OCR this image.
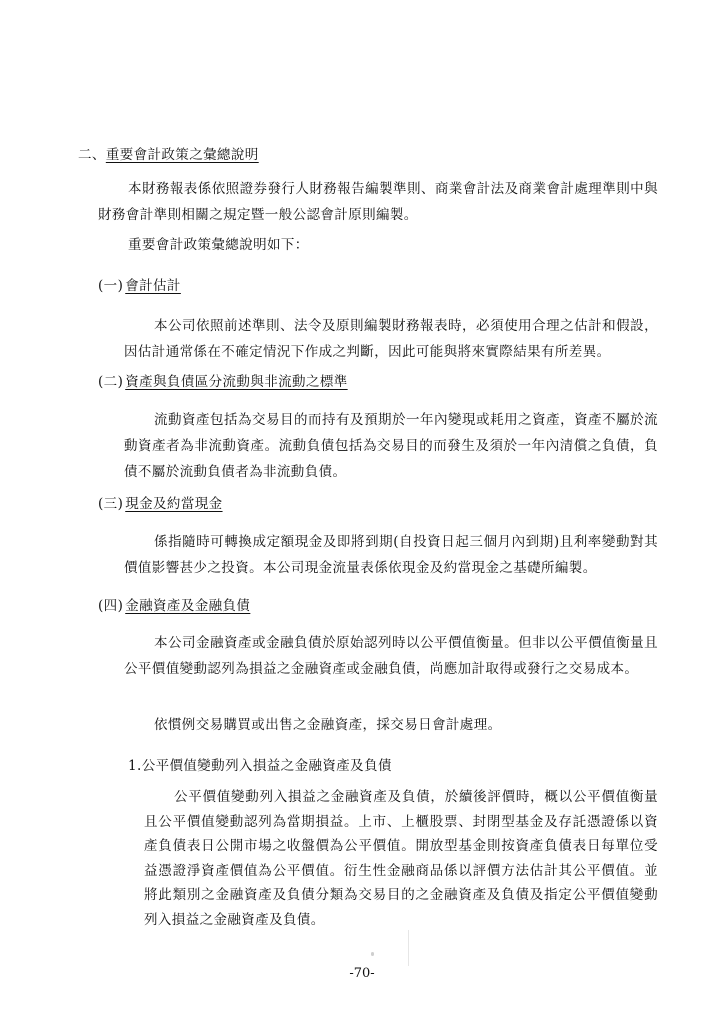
二、重要會計政策之彙總說明
本財務報表係依照證券發行人財務報告編製準則、商業會計法及商業會計處理準則中與財務會計準則相關之規定暨一般公認會計原則編製。
重要會計政策彙總說明如下：
(一) 會計估計
本公司依照前述準則、法令及原則編製財務報表時，必須使用合理之估計和假設，因估計通常係在不確定情況下作成之判斷，因此可能與將來實際結果有所差異。
(二) 資產與負債區分流動與非流動之標準
流動資產包括為交易目的而持有及預期於一年內變現或耗用之資產，資產不屬於流動資產者為非流動資產。流動負債包括為交易目的而發生及須於一年內清償之負債，負債不屬於流動負債者為非流動負債。
(三) 現金及約當現金
係指隨時可轉換成定額現金及即將到期(自投資日起三個月內到期)且利率變動對其價值影響甚少之投資。本公司現金流量表係依現金及約當現金之基礎所編製。
(四) 金融資產及金融負債
本公司金融資產或金融負債於原始認列時以公平價值衡量。但非以公平價值衡量且公平價值變動認列為損益之金融資產或金融負債，尚應加計取得或發行之交易成本。
依慣例交易購買或出售之金融資產，採交易日會計處理。
1.公平價值變動列入損益之金融資產及負債
公平價值變動列入損益之金融資產及負債，於續後評價時，概以公平價值衡量且公平價值變動認列為當期損益。上市、上櫃股票、封閉型基金及存託憑證係以資產負債表日公開市場之收盤價為公平價值。開放型基金則按資產負債表日每單位受益憑證淨資產價值為公平價值。衍生性金融商品係以評價方法估計其公平價值。並將此類別之金融資產及負債分類為交易目的之金融資產及負債及指定公平價值變動列入損益之金融資產及負債。
-70-
